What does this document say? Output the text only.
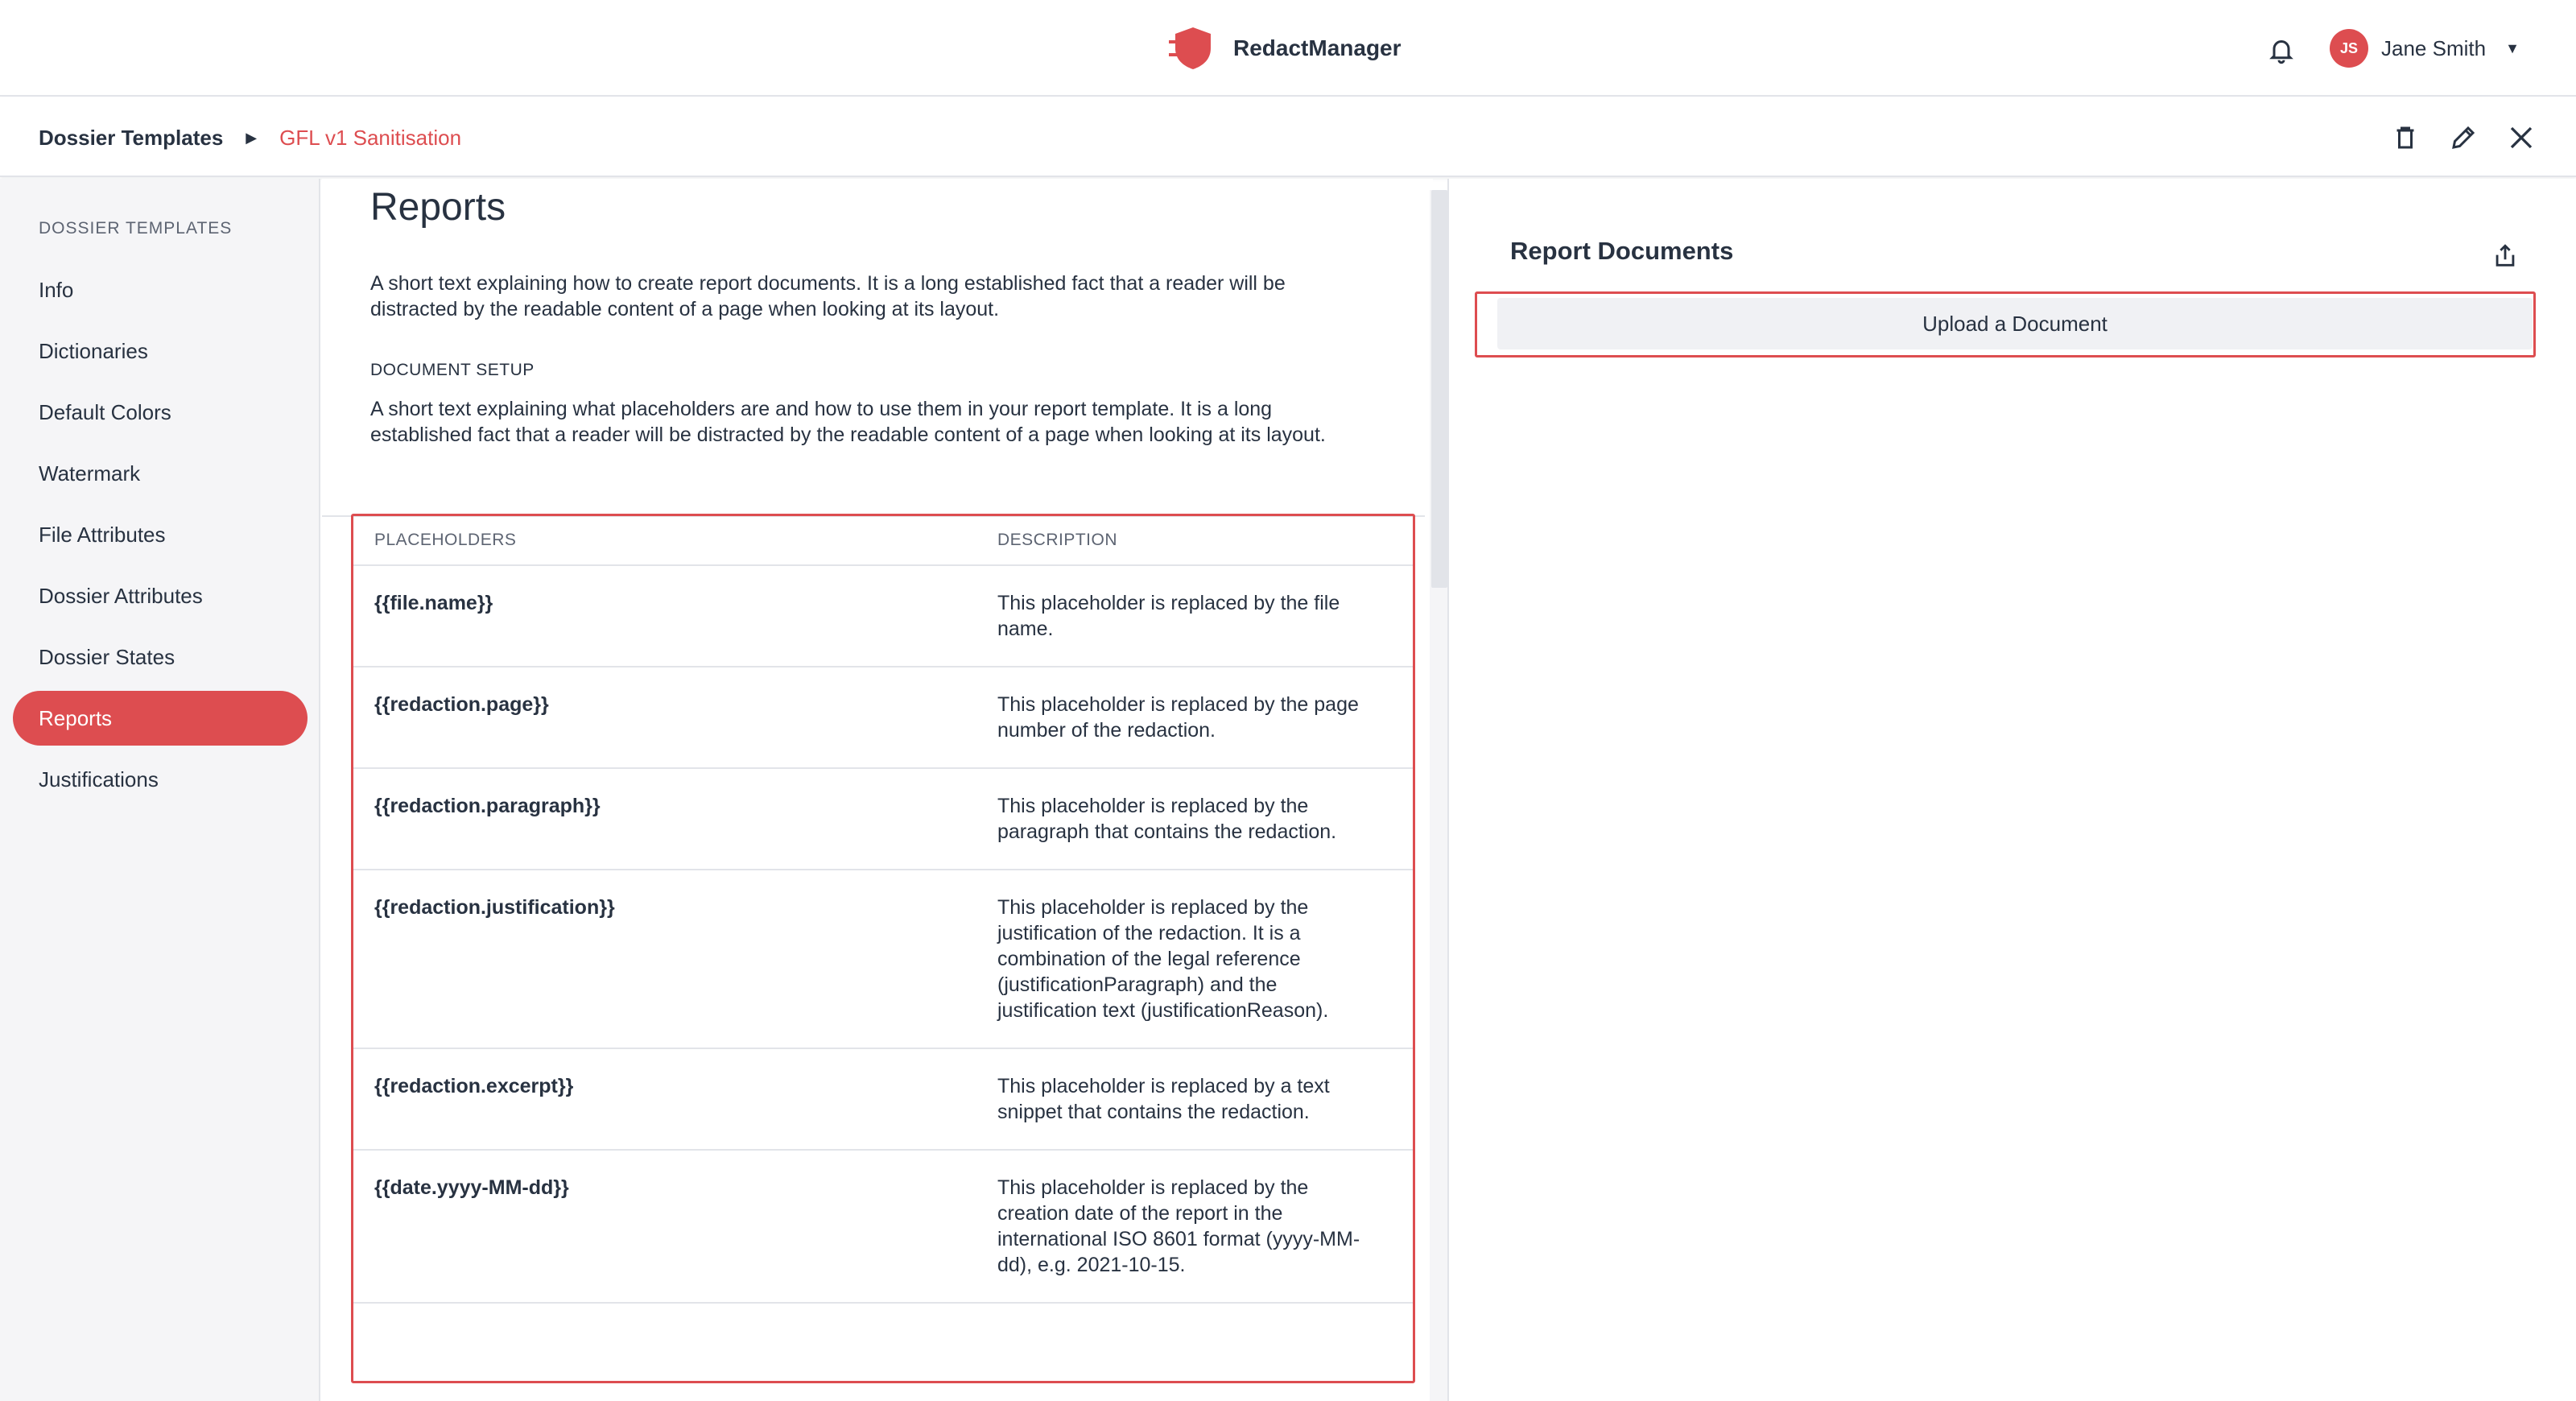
RedactManager	JS	Jane Smith ▼
Dossier Templates ▶ GFL v1 Sanitisation
DOSSIER TEMPLATES
Info
Dictionaries
Default Colors
Watermark
File Attributes
Dossier Attributes
Dossier States
Reports
Justifications
Reports

A short text explaining how to create report documents. It is a long established fact that a reader will be distracted by the readable content of a page when looking at its layout.

DOCUMENT SETUP

A short text explaining what placeholders are and how to use them in your report template. It is a long established fact that a reader will be distracted by the readable content of a page when looking at its layout.

PLACEHOLDERS	DESCRIPTION
{{file.name}}	This placeholder is replaced by the file name.
{{redaction.page}}	This placeholder is replaced by the page number of the redaction.
{{redaction.paragraph}}	This placeholder is replaced by the paragraph that contains the redaction.
{{redaction.justification}}	This placeholder is replaced by the justification of the redaction. It is a combination of the legal reference (justificationParagraph) and the justification text (justificationReason).
{{redaction.excerpt}}	This placeholder is replaced by a text snippet that contains the redaction.
{{date.yyyy-MM-dd}}	This placeholder is replaced by the creation date of the report in the international ISO 8601 format (yyyy-MM-dd), e.g. 2021-10-15.
Report Documents
Upload a Document
